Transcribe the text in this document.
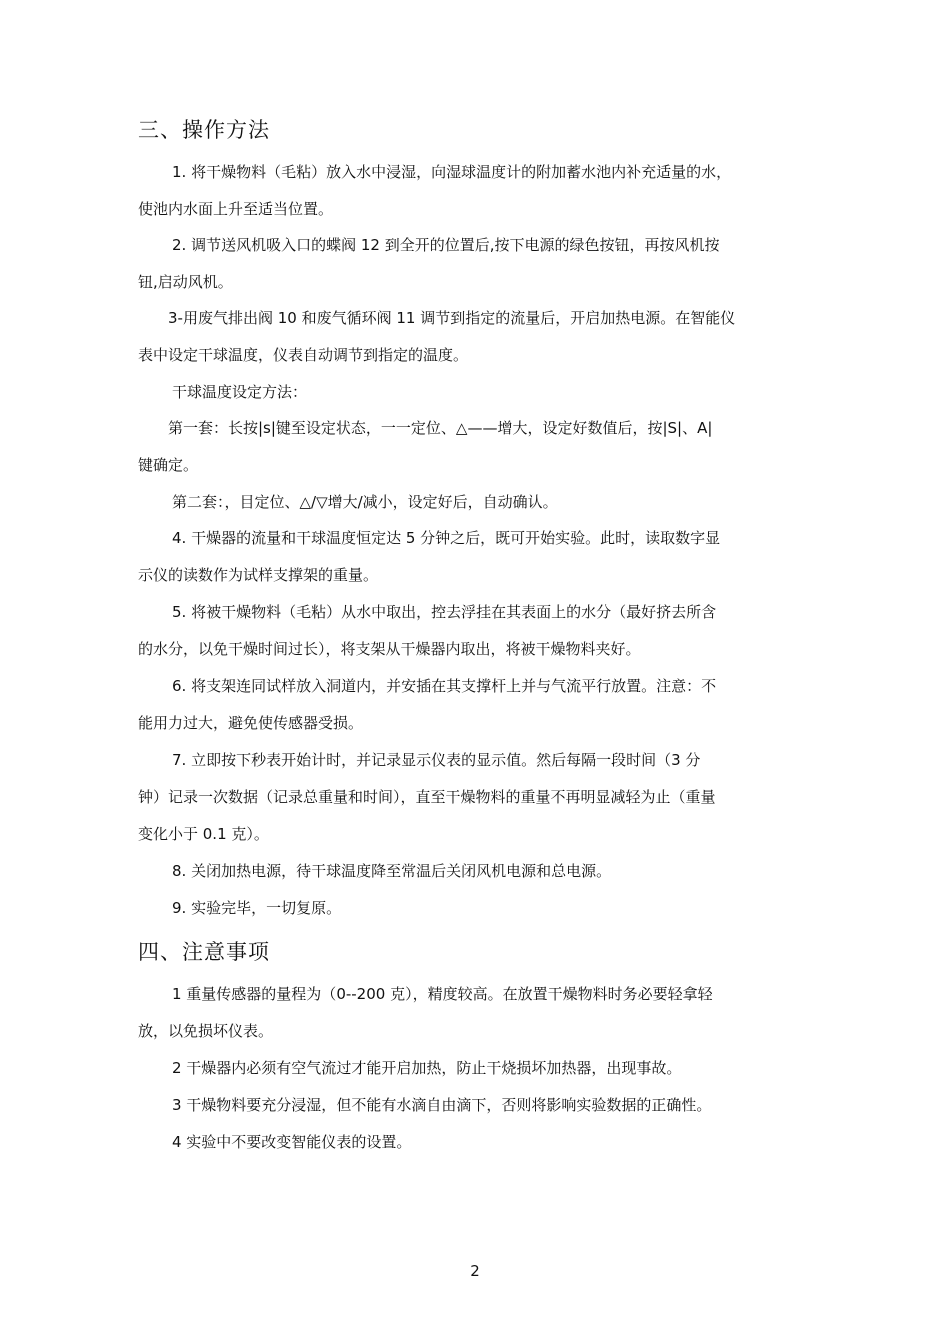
三、操作方法
1. 将干燥物料（毛粘）放入水中浸湿，向湿球温度计的附加蓄水池内补充适量的水，
使池内水面上升至适当位置。
2. 调节送风机吸入口的蝶阀 12 到全开的位置后,按下电源的绿色按钮，再按风机按
钮,启动风机。
3-用废气排出阀 10 和废气循环阀 11 调节到指定的流量后，开启加热电源。在智能仪
表中设定干球温度，仪表自动调节到指定的温度。
干球温度设定方法：
第一套：长按|s|键至设定状态，一一定位、△——增大，设定好数值后，按|S|、A|
键确定。
第二套：，目定位、△/▽增大/减小，设定好后，自动确认。
4. 干燥器的流量和干球温度恒定达 5 分钟之后，既可开始实验。此时，读取数字显
示仪的读数作为试样支撑架的重量。
5. 将被干燥物料（毛粘）从水中取出，控去浮挂在其表面上的水分（最好挤去所含
的水分，以免干燥时间过长），将支架从干燥器内取出，将被干燥物料夹好。
6. 将支架连同试样放入洞道内，并安插在其支撑杆上并与气流平行放置。注意：不
能用力过大，避免使传感器受损。
7. 立即按下秒表开始计时，并记录显示仪表的显示值。然后每隔一段时间（3 分
钟）记录一次数据（记录总重量和时间），直至干燥物料的重量不再明显减轻为止（重量
变化小于 0.1 克）。
8. 关闭加热电源，待干球温度降至常温后关闭风机电源和总电源。
9. 实验完毕，一切复原。
四、注意事项
1 重量传感器的量程为（0--200 克），精度较高。在放置干燥物料时务必要轻拿轻
放，以免损坏仪表。
2 干燥器内必须有空气流过才能开启加热，防止干烧损坏加热器，出现事故。
3 干燥物料要充分浸湿，但不能有水滴自由滴下，否则将影响实验数据的正确性。
4 实验中不要改变智能仪表的设置。
2
